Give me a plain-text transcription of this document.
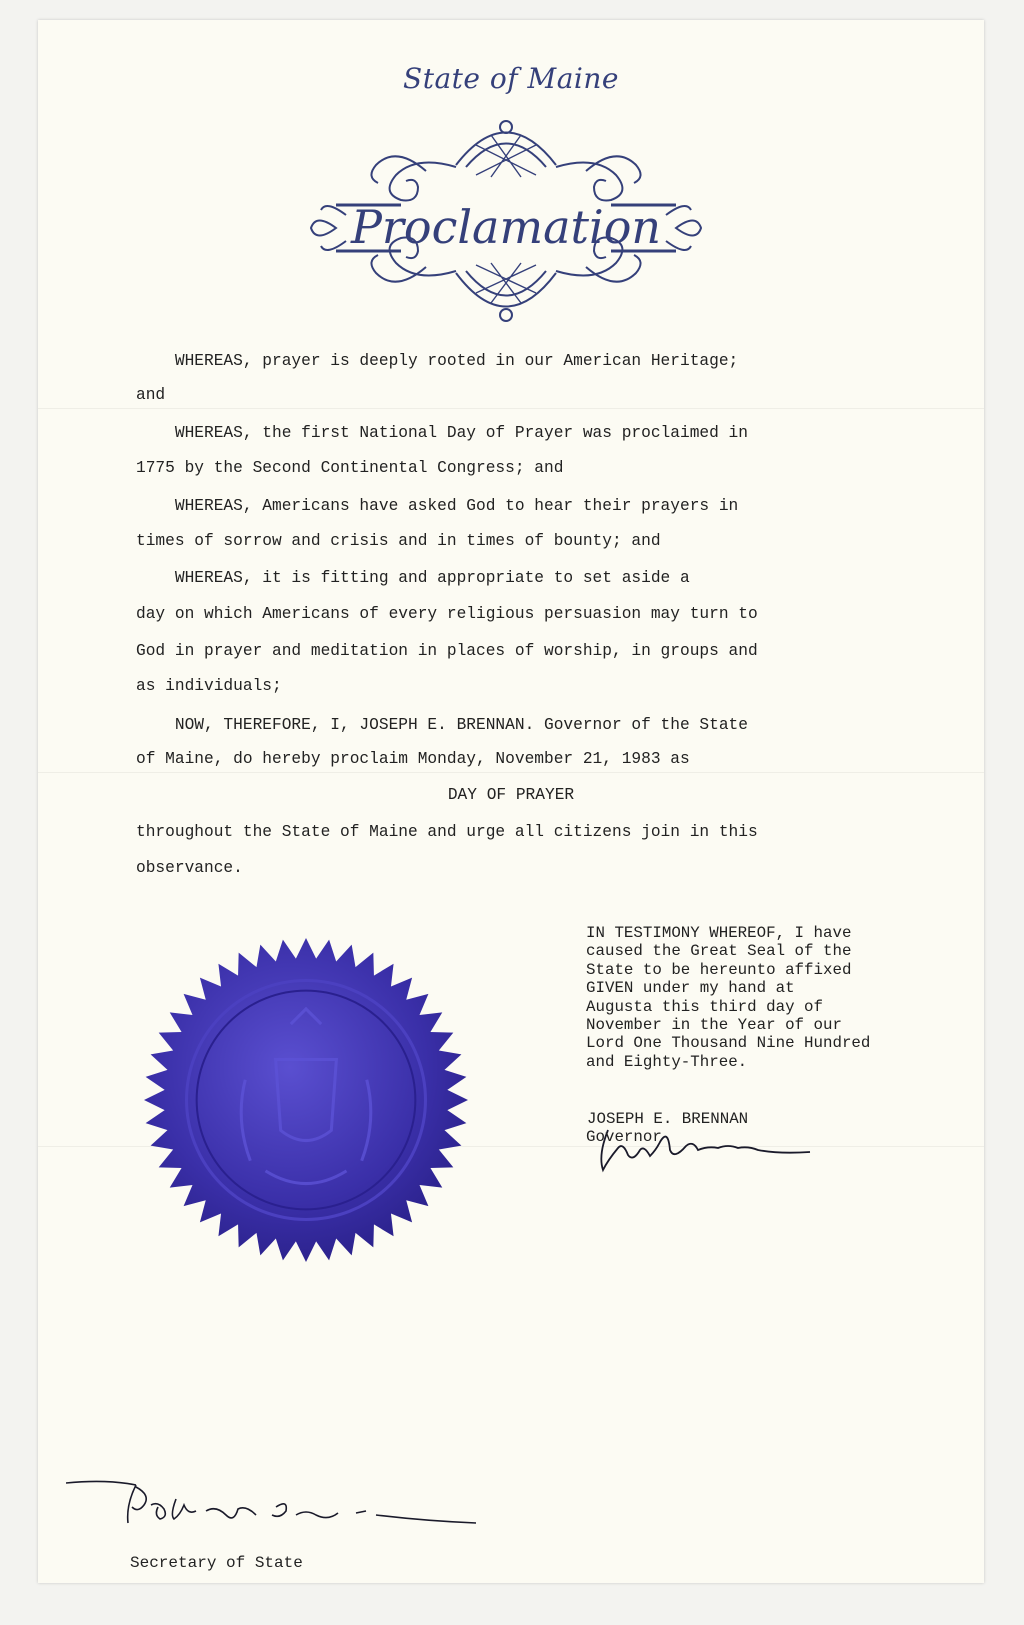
State of Maine
Proclamation

WHEREAS, prayer is deeply rooted in our American Heritage;

and

WHEREAS, the first National Day of Prayer was proclaimed in

1775 by the Second Continental Congress; and

WHEREAS, Americans have asked God to hear their prayers in

times of sorrow and crisis and in times of bounty; and

WHEREAS, it is fitting and appropriate to set aside a

day on which Americans of every religious persuasion may turn to

God in prayer and meditation in places of worship, in groups and

as individuals;

NOW, THEREFORE, I, JOSEPH E. BRENNAN. Governor of the State

of Maine, do hereby proclaim Monday, November 21, 1983 as

DAY OF PRAYER

throughout the State of Maine and urge all citizens join in this

observance.

IN TESTIMONY WHEREOF, I have
caused the Great Seal of the
State to be hereunto affixed
GIVEN under my hand at
Augusta this third day of
November in the Year of our
Lord One Thousand Nine Hundred
and Eighty-Three.
JOSEPH E. BRENNAN
Governor
Secretary of State
